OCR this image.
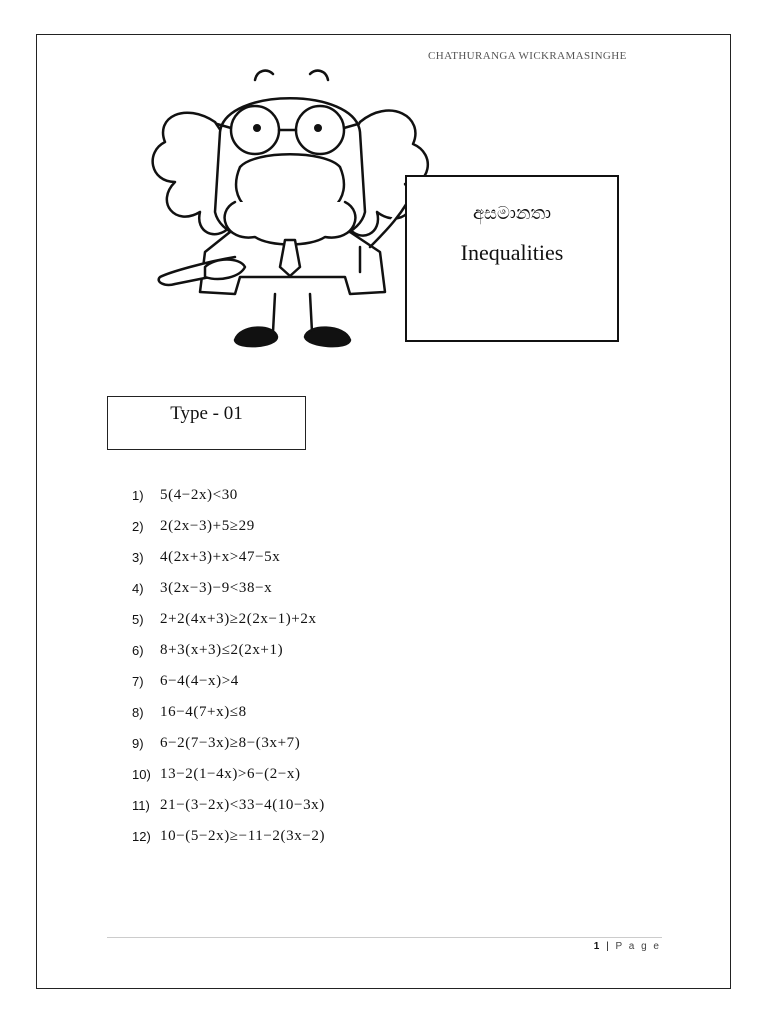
CHATHURANGA WICKRAMASINGHE
අසමානතා
Inequalities
Type - 01
1)	5(4−2x)<30
2)	2(2x−3)+5≥29
3)	4(2x+3)+x>47−5x
4)	3(2x−3)−9<38−x
5)	2+2(4x+3)≥2(2x−1)+2x
6)	8+3(x+3)≤2(2x+1)
7)	6−4(4−x)>4
8)	16−4(7+x)≤8
9)	6−2(7−3x)≥8−(3x+7)
10) 13−2(1−4x)>6−(2−x)
11) 21−(3−2x)<33−4(10−3x)
12) 10−(5−2x)≥−11−2(3x−2)
1 | P a g e
